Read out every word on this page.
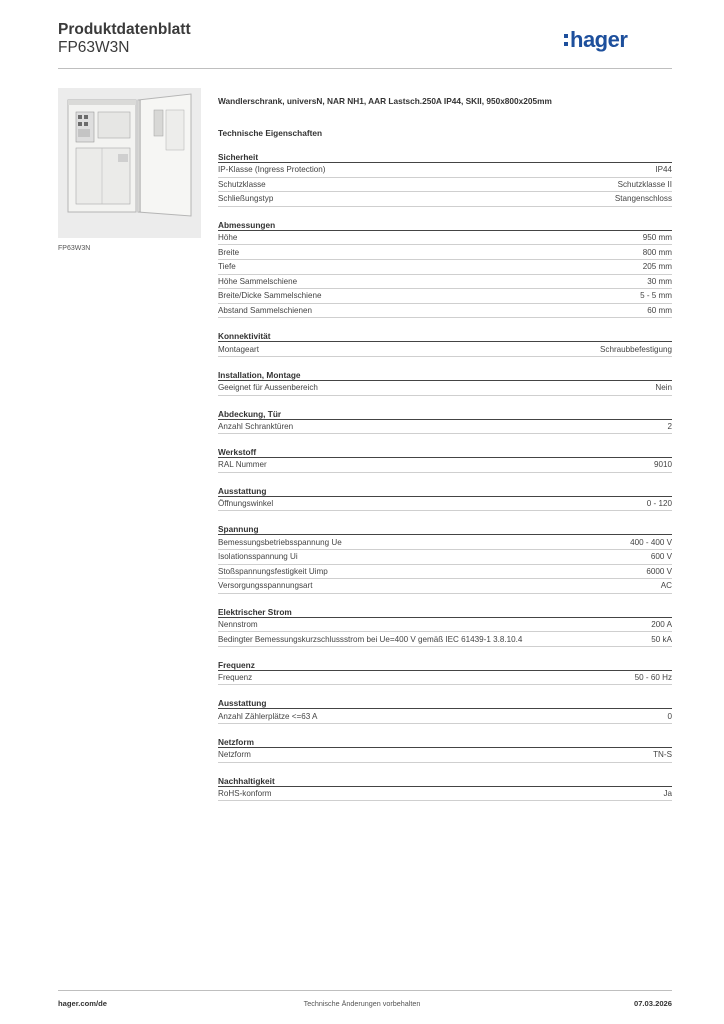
Produktdatenblatt
FP63W3N	hager
FP63W3N
Wandlerschrank, universN, NAR NH1, AAR Lastsch.250A IP44, SKII, 950x800x205mm
Technische Eigenschaften
Sicherheit
IP-Klasse (Ingress Protection)	IP44
Schutzklasse	Schutzklasse II
Schließungstyp	Stangenschloss
Abmessungen
Höhe	950 mm
Breite	800 mm
Tiefe	205 mm
Höhe Sammelschiene	30 mm
Breite/Dicke Sammelschiene	5 - 5 mm
Abstand Sammelschienen	60 mm
Konnektivität
Montageart	Schraubbefestigung
Installation, Montage
Geeignet für Aussenbereich	Nein
Abdeckung, Tür
Anzahl Schranktüren	2
Werkstoff
RAL Nummer	9010
Ausstattung
Öffnungswinkel	0 - 120
Spannung
Bemessungsbetriebsspannung Ue	400 - 400 V
Isolationsspannung Ui	600 V
Stoßspannungsfestigkeit Uimp	6000 V
Versorgungsspannungsart	AC
Elektrischer Strom
Nennstrom	200 A
Bedingter Bemessungskurzschlussstrom bei Ue=400 V gemäß IEC 61439-1 3.8.10.4	50 kA
Frequenz
Frequenz	50 - 60 Hz
Ausstattung
Anzahl Zählerplätze <=63 A	0
Netzform
Netzform	TN-S
Nachhaltigkeit
RoHS-konform	Ja
hager.com/de	Technische Änderungen vorbehalten	07.03.2026
